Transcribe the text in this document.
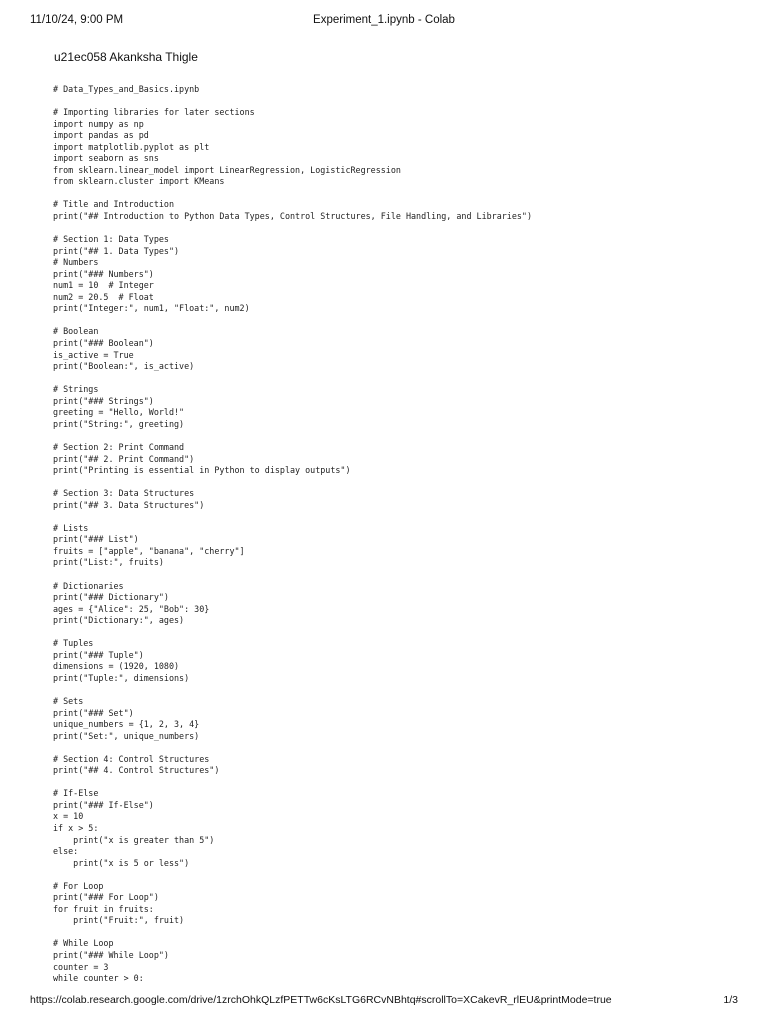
11/10/24, 9:00 PM	Experiment_1.ipynb - Colab
u21ec058 Akanksha Thigle
# Data_Types_and_Basics.ipynb

# Importing libraries for later sections
import numpy as np
import pandas as pd
import matplotlib.pyplot as plt
import seaborn as sns
from sklearn.linear_model import LinearRegression, LogisticRegression
from sklearn.cluster import KMeans

# Title and Introduction
print("## Introduction to Python Data Types, Control Structures, File Handling, and Libraries")

# Section 1: Data Types
print("## 1. Data Types")
# Numbers
print("### Numbers")
num1 = 10  # Integer
num2 = 20.5  # Float
print("Integer:", num1, "Float:", num2)

# Boolean
print("### Boolean")
is_active = True
print("Boolean:", is_active)

# Strings
print("### Strings")
greeting = "Hello, World!"
print("String:", greeting)

# Section 2: Print Command
print("## 2. Print Command")
print("Printing is essential in Python to display outputs")

# Section 3: Data Structures
print("## 3. Data Structures")

# Lists
print("### List")
fruits = ["apple", "banana", "cherry"]
print("List:", fruits)

# Dictionaries
print("### Dictionary")
ages = {"Alice": 25, "Bob": 30}
print("Dictionary:", ages)

# Tuples
print("### Tuple")
dimensions = (1920, 1080)
print("Tuple:", dimensions)

# Sets
print("### Set")
unique_numbers = {1, 2, 3, 4}
print("Set:", unique_numbers)

# Section 4: Control Structures
print("## 4. Control Structures")

# If-Else
print("### If-Else")
x = 10
if x > 5:
print("x is greater than 5")
else:
print("x is 5 or less")

# For Loop
print("### For Loop")
for fruit in fruits:
print("Fruit:", fruit)

# While Loop
print("### While Loop")
counter = 3
while counter > 0:
https://colab.research.google.com/drive/1zrchOhkQLzfPETTw6cKsLTG6RCvNBhtq#scrollTo=XCakevR_rlEU&printMode=true	1/3
